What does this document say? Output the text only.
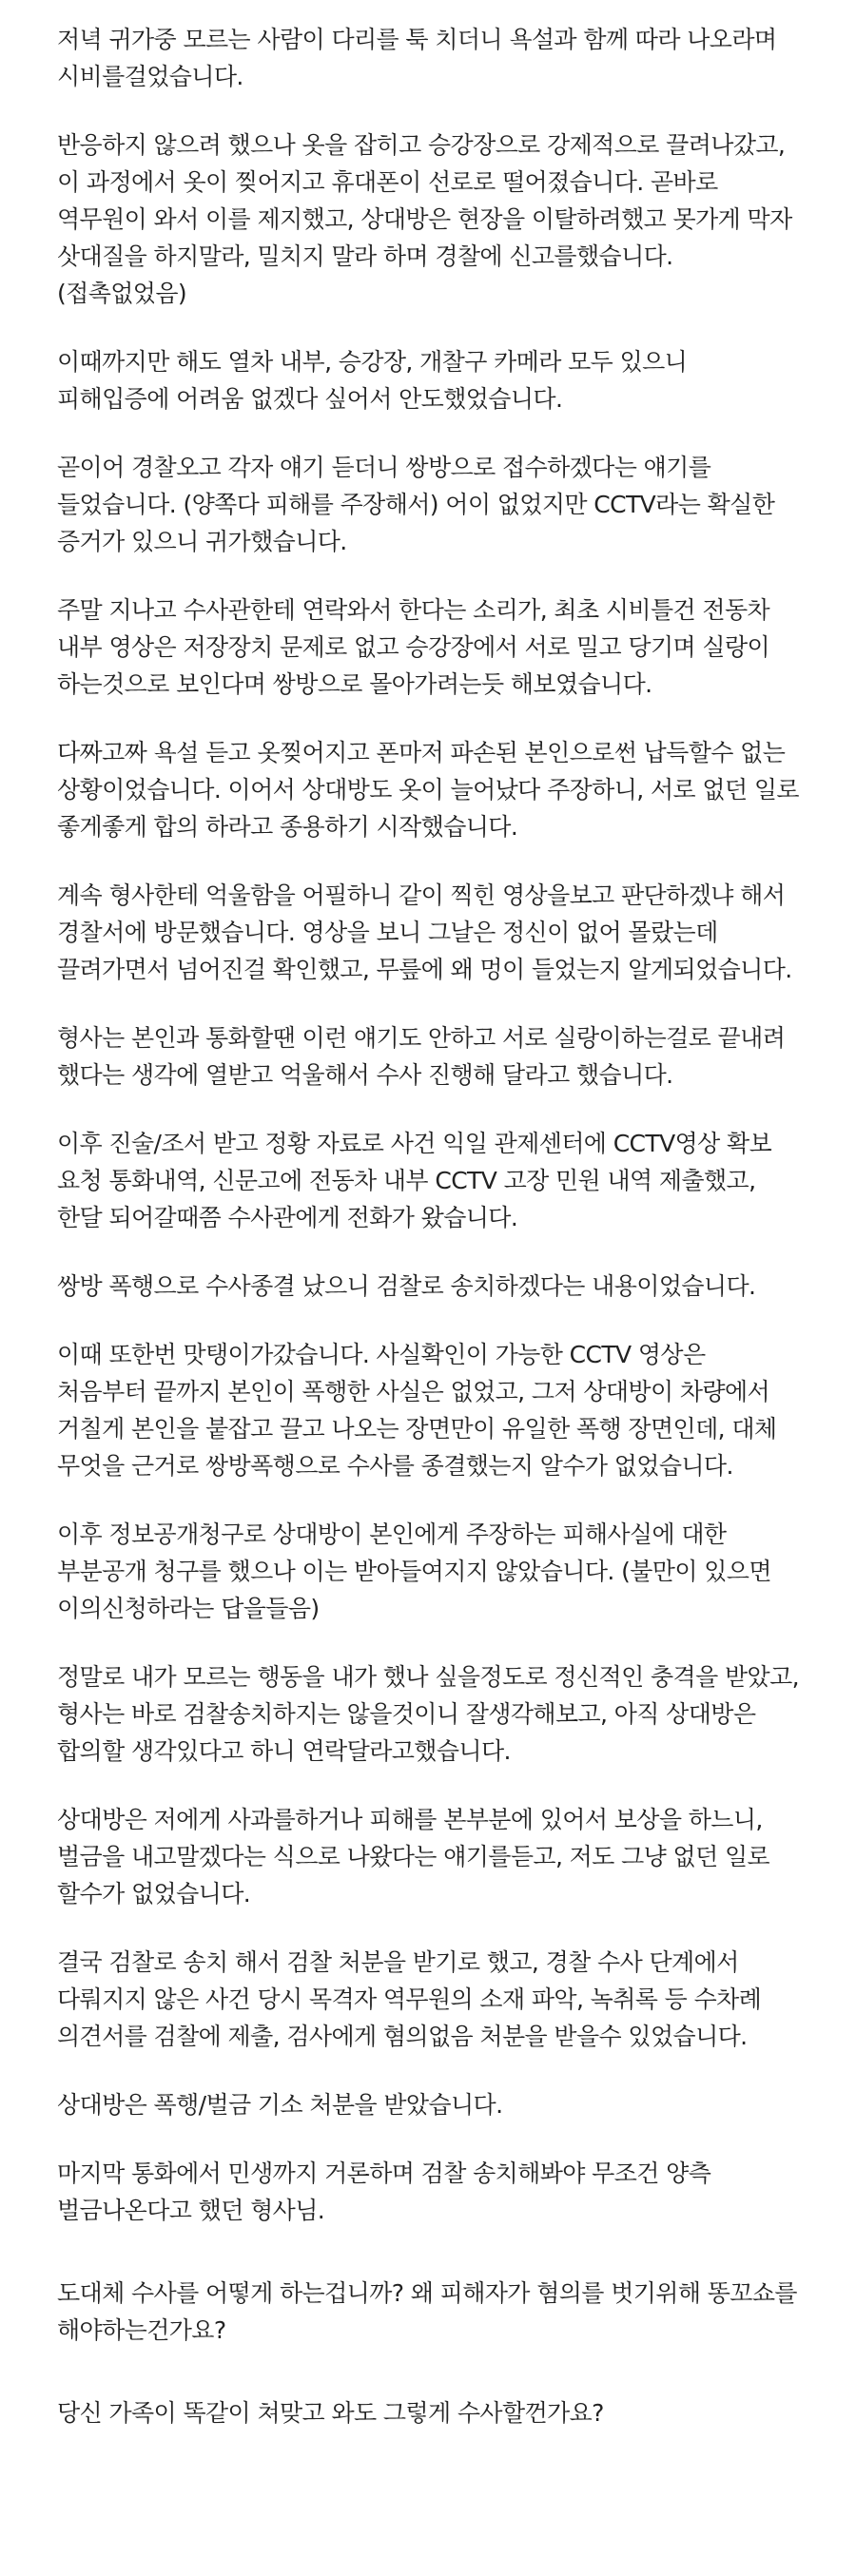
저녁 귀가중 모르는 사람이 다리를 툭 치더니 욕설과 함께 따라 나오라며 시비를걸었습니다.

반응하지 않으려 했으나 옷을 잡히고 승강장으로 강제적으로 끌려나갔고, 이 과정에서 옷이 찢어지고 휴대폰이 선로로 떨어졌습니다. 곧바로 역무원이 와서 이를 제지했고, 상대방은 현장을 이탈하려했고 못가게 막자 삿대질을 하지말라, 밀치지 말라 하며 경찰에 신고를했습니다. (접촉없었음)

이때까지만 해도 열차 내부, 승강장, 개찰구 카메라 모두 있으니 피해입증에 어려움 없겠다 싶어서 안도했었습니다.

곧이어 경찰오고 각자 얘기 듣더니 쌍방으로 접수하겠다는 얘기를 들었습니다. (양쪽다 피해를 주장해서) 어이 없었지만 CCTV라는 확실한 증거가 있으니 귀가했습니다.

주말 지나고 수사관한테 연락와서 한다는 소리가, 최초 시비틀건 전동차 내부 영상은 저장장치 문제로 없고 승강장에서 서로 밀고 당기며 실랑이 하는것으로 보인다며 쌍방으로 몰아가려는듯 해보였습니다.

다짜고짜 욕설 듣고 옷찢어지고 폰마저 파손된 본인으로썬 납득할수 없는 상황이었습니다. 이어서 상대방도 옷이 늘어났다 주장하니, 서로 없던 일로 좋게좋게 합의 하라고 종용하기 시작했습니다.

계속 형사한테 억울함을 어필하니 같이 찍힌 영상을보고 판단하겠냐 해서 경찰서에 방문했습니다. 영상을 보니 그날은 정신이 없어 몰랐는데 끌려가면서 넘어진걸 확인했고, 무릎에 왜 멍이 들었는지 알게되었습니다.

형사는 본인과 통화할땐 이런 얘기도 안하고 서로 실랑이하는걸로 끝내려 했다는 생각에 열받고 억울해서 수사 진행해 달라고 했습니다.

이후 진술/조서 받고 정황 자료로 사건 익일 관제센터에 CCTV영상 확보 요청 통화내역, 신문고에 전동차 내부 CCTV 고장 민원 내역 제출했고, 한달 되어갈때쯤 수사관에게 전화가 왔습니다.

쌍방 폭행으로 수사종결 났으니 검찰로 송치하겠다는 내용이었습니다.

이때 또한번 맛탱이가갔습니다. 사실확인이 가능한 CCTV 영상은 처음부터 끝까지 본인이 폭행한 사실은 없었고, 그저 상대방이 차량에서 거칠게 본인을 붙잡고 끌고 나오는 장면만이 유일한 폭행 장면인데, 대체 무엇을 근거로 쌍방폭행으로 수사를 종결했는지 알수가 없었습니다.

이후 정보공개청구로 상대방이 본인에게 주장하는 피해사실에 대한 부분공개 청구를 했으나 이는 받아들여지지 않았습니다. (불만이 있으면 이의신청하라는 답을들음)

정말로 내가 모르는 행동을 내가 했나 싶을정도로 정신적인 충격을 받았고, 형사는 바로 검찰송치하지는 않을것이니 잘생각해보고, 아직 상대방은 합의할 생각있다고 하니 연락달라고했습니다.

상대방은 저에게 사과를하거나 피해를 본부분에 있어서 보상을 하느니, 벌금을 내고말겠다는 식으로 나왔다는 얘기를듣고, 저도 그냥 없던 일로 할수가 없었습니다.

결국 검찰로 송치 해서 검찰 처분을 받기로 했고, 경찰 수사 단계에서 다뤄지지 않은 사건 당시 목격자 역무원의 소재 파악, 녹취록 등 수차례 의견서를 검찰에 제출, 검사에게 혐의없음 처분을 받을수 있었습니다.

상대방은 폭행/벌금 기소 처분을 받았습니다.

마지막 통화에서 민생까지 거론하며 검찰 송치해봐야 무조건 양측 벌금나온다고 했던 형사님.

도대체 수사를 어떻게 하는겁니까? 왜 피해자가 혐의를 벗기위해 똥꼬쇼를 해야하는건가요?

당신 가족이 똑같이 쳐맞고 와도 그렇게 수사할껀가요?
